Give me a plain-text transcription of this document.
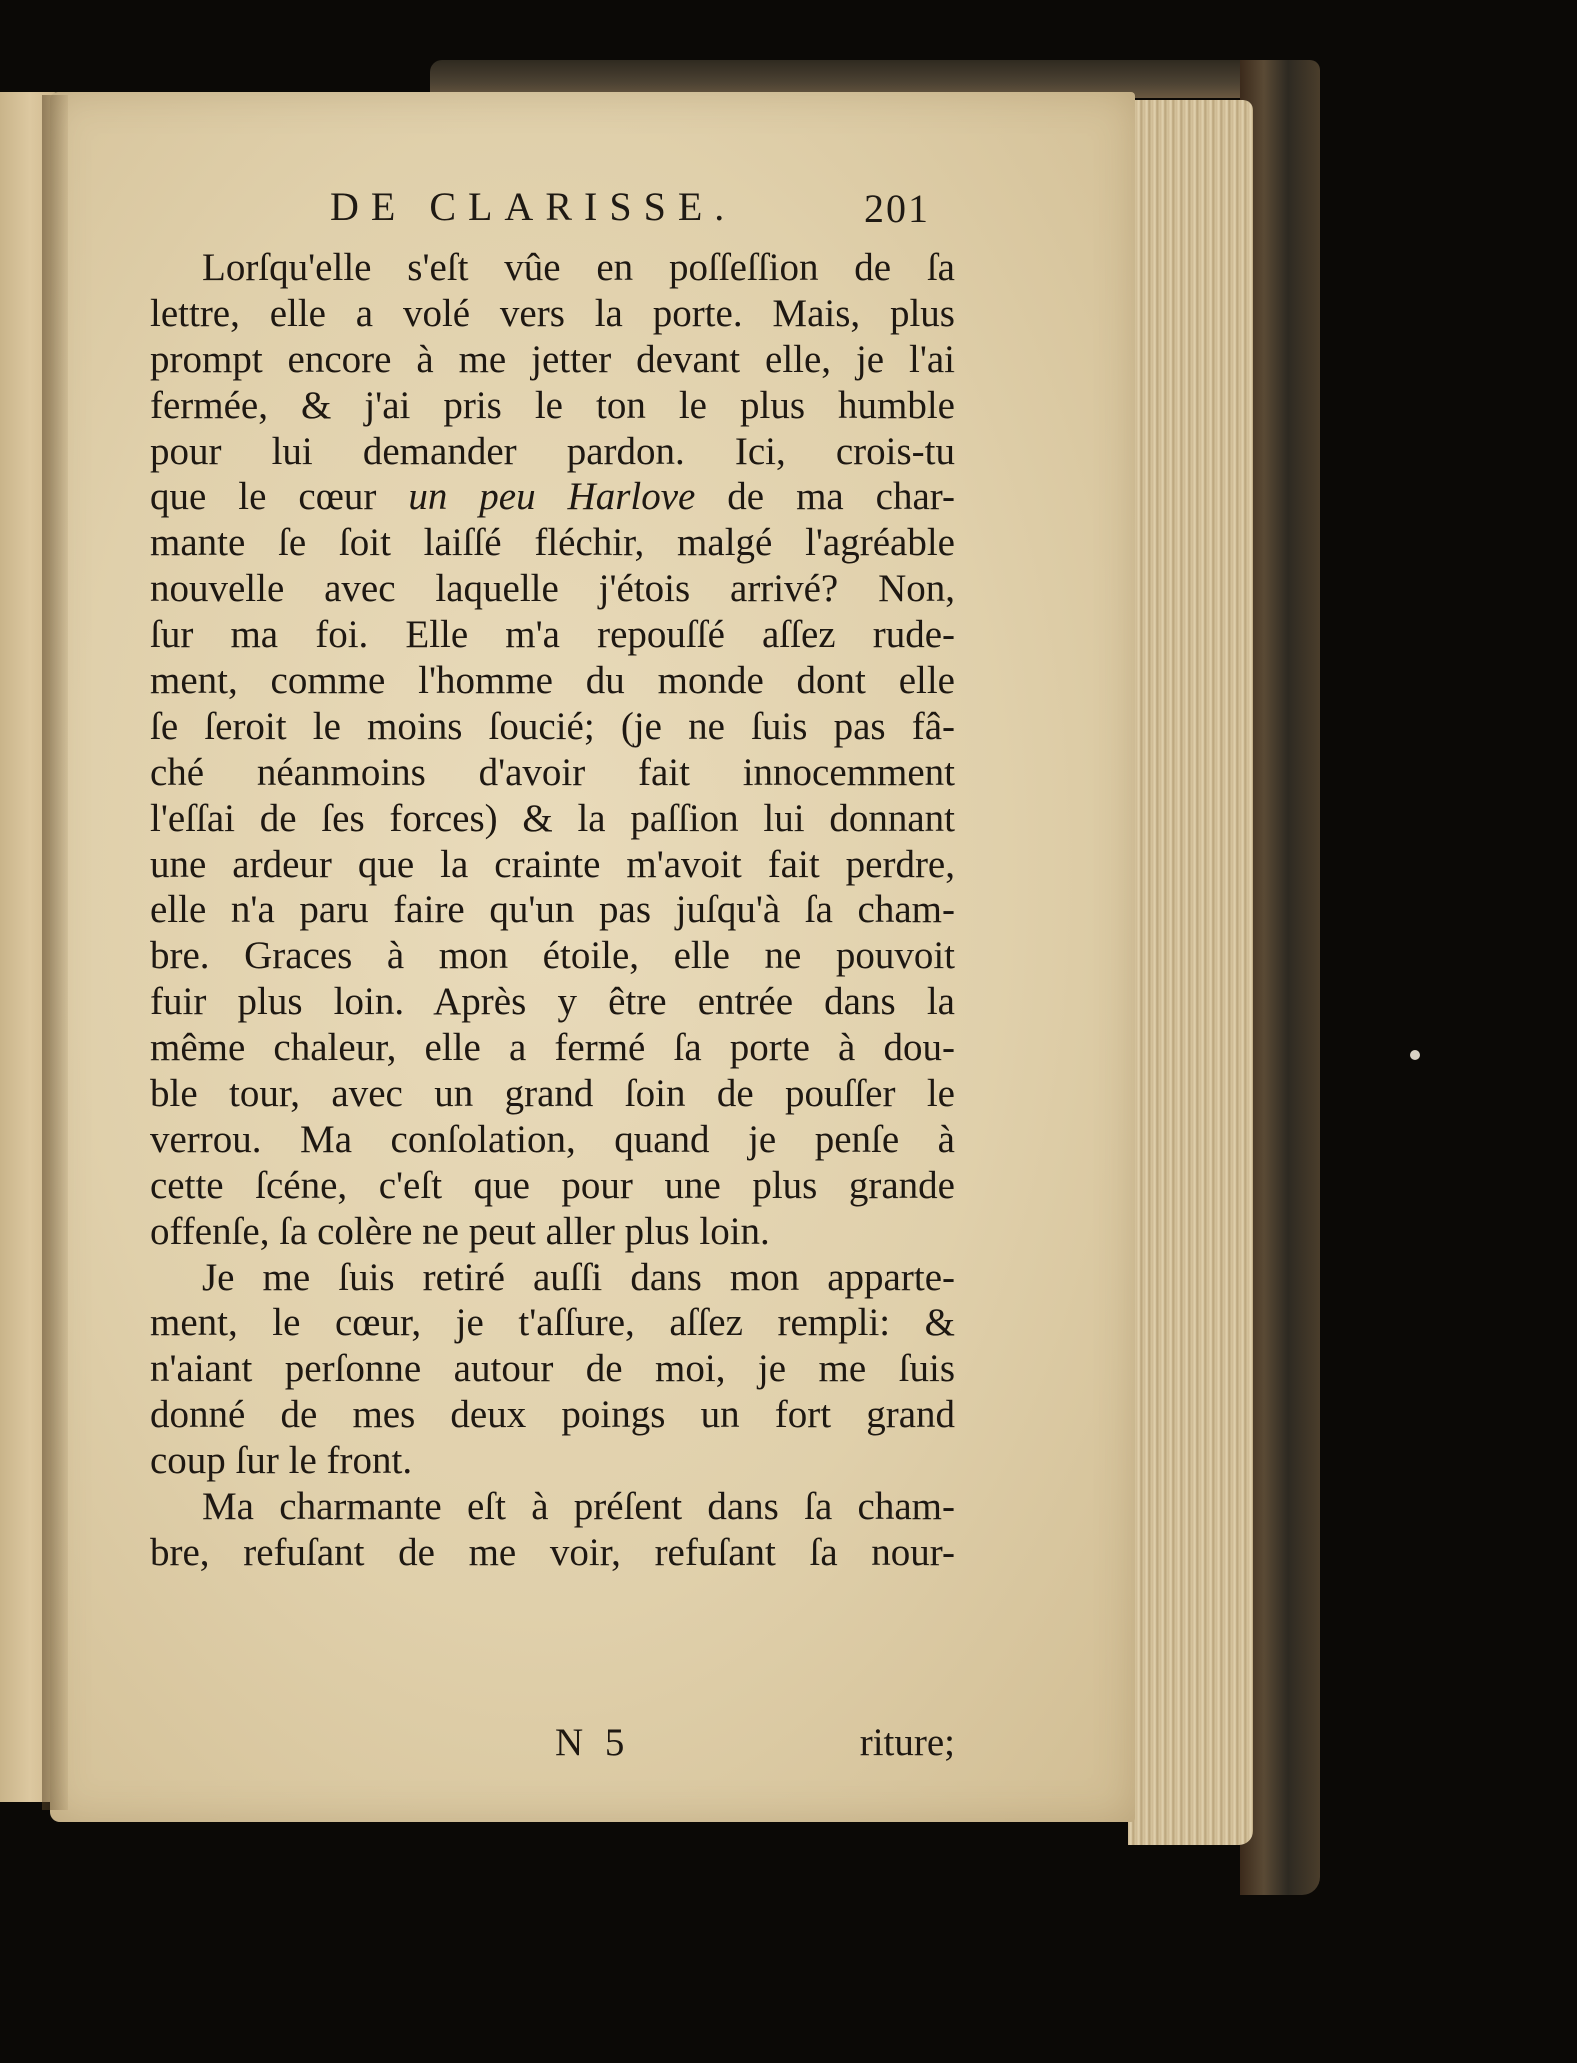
DE CLARISSE.	201
Lorſqu'elle s'eſt vûe en poſſeſſion de ſa
lettre, elle a volé vers la porte. Mais, plus
prompt encore à me jetter devant elle, je l'ai
fermée, & j'ai pris le ton le plus humble
pour lui demander pardon. Ici, crois-tu
que le cœur un peu Harlove de ma char-
mante ſe ſoit laiſſé fléchir, malgé l'agréable
nouvelle avec laquelle j'étois arrivé? Non,
ſur ma foi. Elle m'a repouſſé aſſez rude-
ment, comme l'homme du monde dont elle
ſe ſeroit le moins ſoucié; (je ne ſuis pas fâ-
ché néanmoins d'avoir fait innocemment
l'eſſai de ſes forces) & la paſſion lui donnant
une ardeur que la crainte m'avoit fait perdre,
elle n'a paru faire qu'un pas juſqu'à ſa cham-
bre. Graces à mon étoile, elle ne pouvoit
fuir plus loin. Après y être entrée dans la
même chaleur, elle a fermé ſa porte à dou-
ble tour, avec un grand ſoin de pouſſer le
verrou. Ma conſolation, quand je penſe à
cette ſcéne, c'eſt que pour une plus grande
offenſe, ſa colère ne peut aller plus loin.
Je me ſuis retiré auſſi dans mon apparte-
ment, le cœur, je t'aſſure, aſſez rempli: &
n'aiant perſonne autour de moi, je me ſuis
donné de mes deux poings un fort grand
coup ſur le front.
Ma charmante eſt à préſent dans ſa cham-
bre, refuſant de me voir, refuſant ſa nour-
N 5	riture;
